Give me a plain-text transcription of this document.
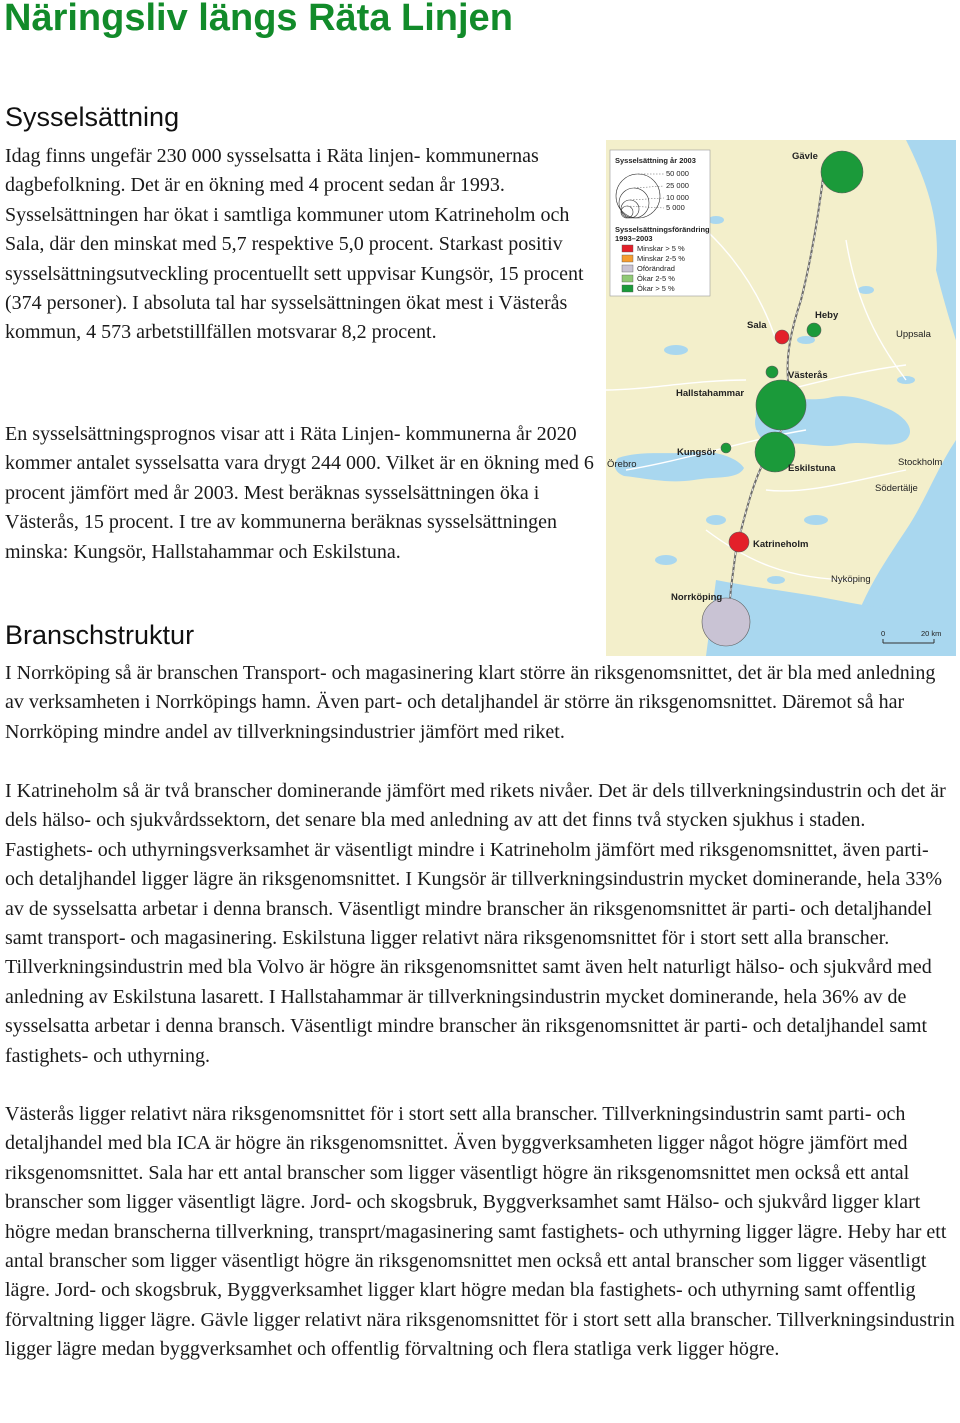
Näringsliv längs Räta Linjen
Sysselsättning

Idag finns ungefär 230 000 sysselsatta i Räta linjen- kommunernas dagbefolkning. Det är en ökning med 4 procent sedan år 1993. Sysselsättningen har ökat i samtliga kommuner utom Katrineholm och Sala, där den minskat med 5,7 respektive 5,0 procent. Starkast positiv sysselsättningsutveckling procentuellt sett uppvisar Kungsör, 15 procent (374 personer). I absoluta tal har sysselsättningen ökat mest i Västerås kommun, 4 573 arbetstillfällen motsvarar 8,2 procent.

En sysselsättningsprognos visar att i Räta Linjen- kommunerna år 2020 kommer antalet sysselsatta vara drygt 244 000. Vilket är en ökning med 6 procent jämfört med år 2003. Mest beräknas sysselsättningen öka i Västerås, 15 procent. I tre av kommunerna beräknas sysselsättningen minska: Kungsör, Hallstahammar och Eskilstuna.

Branschstruktur

I Norrköping så är branschen Transport- och magasinering klart större än riksgenomsnittet, det är bla med anledning av verksamheten i Norrköpings hamn. Även part- och detaljhandel är större än riksgenomsnittet. Däremot så har Norrköping mindre andel av tillverkningsindustrier jämfört med riket.

I Katrineholm så är två branscher dominerande jämfört med rikets nivåer. Det är dels tillverkningsindustrin och det är dels hälso- och sjukvårdssektorn, det senare bla med anledning av att det finns två stycken sjukhus i staden. Fastighets- och uthyrningsverksamhet är väsentligt mindre i Katrineholm jämfört med riksgenomsnittet, även parti- och detaljhandel ligger lägre än riksgenomsnittet. I Kungsör är tillverkningsindustrin mycket dominerande, hela 33% av de sysselsatta arbetar i denna bransch. Väsentligt mindre branscher än riksgenomsnittet är parti- och detaljhandel samt transport- och magasinering. Eskilstuna ligger relativt nära riksgenomsnittet för i stort sett alla branscher. Tillverkningsindustrin med bla Volvo är högre än riksgenomsnittet samt även helt naturligt hälso- och sjukvård med anledning av Eskilstuna lasarett. I Hallstahammar är tillverkningsindustrin mycket dominerande, hela 36% av de sysselsatta arbetar i denna bransch. Väsentligt mindre branscher än riksgenomsnittet är parti- och detaljhandel samt fastighets- och uthyrning.

Västerås ligger relativt nära riksgenomsnittet för i stort sett alla branscher. Tillverkningsindustrin samt parti- och detaljhandel med bla ICA är högre än riksgenomsnittet. Även byggverksamheten ligger något högre jämfört med riksgenomsnittet. Sala har ett antal branscher som ligger väsentligt högre än riksgenomsnittet men också ett antal branscher som ligger väsentligt lägre. Jord- och skogsbruk, Byggverksamhet samt Hälso- och sjukvård ligger klart högre medan branscherna tillverkning, transprt/magasinering samt fastighets- och uthyrning ligger lägre. Heby har ett antal branscher som ligger väsentligt högre än riksgenomsnittet men också ett antal branscher som ligger väsentligt lägre. Jord- och skogsbruk, Byggverksamhet ligger klart högre medan bla fastighets- och uthyrning samt offentlig förvaltning ligger lägre. Gävle ligger relativt nära riksgenomsnittet för i stort sett alla branscher. Tillverkningsindustrin ligger lägre medan byggverksamhet och offentlig förvaltning och flera statliga verk ligger högre.

Sysselsättning år 2003
50 000
25 000
10 000
5 000
Sysselsättningsförändring
1993–2003
Minskar > 5 %
Minskar 2-5 %
Oförändrad
Ökar 2-5 %
Ökar > 5 %
Gävle
Sala
Heby
Uppsala
Västerås
Hallstahammar
Örebro
Kungsör
Eskilstuna
Stockholm
Södertälje
Katrineholm
Nyköping
Norrköping
0	20 km
